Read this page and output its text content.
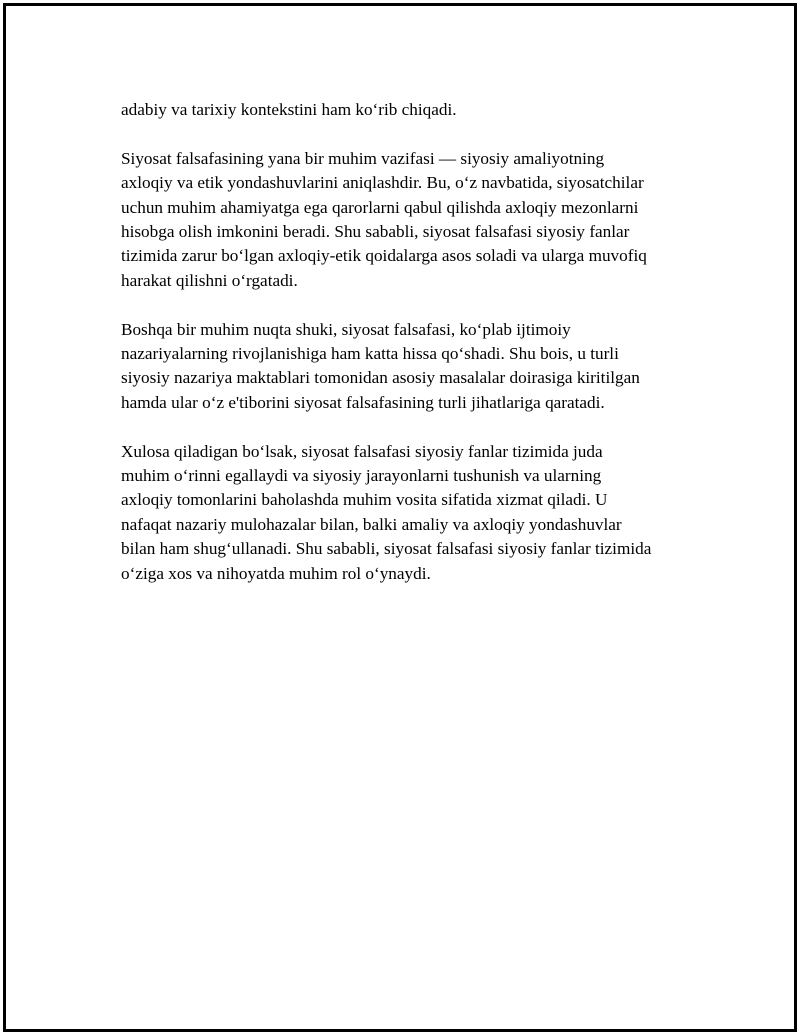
adabiy va tarixiy kontekstini ham ko‘rib chiqadi.

Siyosat falsafasining yana bir muhim vazifasi — siyosiy amaliyotning
axloqiy va etik yondashuvlarini aniqlashdir. Bu, o‘z navbatida, siyosatchilar
uchun muhim ahamiyatga ega qarorlarni qabul qilishda axloqiy mezonlarni
hisobga olish imkonini beradi. Shu sababli, siyosat falsafasi siyosiy fanlar
tizimida zarur bo‘lgan axloqiy-etik qoidalarga asos soladi va ularga muvofiq
harakat qilishni o‘rgatadi.

Boshqa bir muhim nuqta shuki, siyosat falsafasi, ko‘plab ijtimoiy
nazariyalarning rivojlanishiga ham katta hissa qo‘shadi. Shu bois, u turli
siyosiy nazariya maktablari tomonidan asosiy masalalar doirasiga kiritilgan
hamda ular o‘z e'tiborini siyosat falsafasining turli jihatlariga qaratadi.

Xulosa qiladigan bo‘lsak, siyosat falsafasi siyosiy fanlar tizimida juda
muhim o‘rinni egallaydi va siyosiy jarayonlarni tushunish va ularning
axloqiy tomonlarini baholashda muhim vosita sifatida xizmat qiladi. U
nafaqat nazariy mulohazalar bilan, balki amaliy va axloqiy yondashuvlar
bilan ham shug‘ullanadi. Shu sababli, siyosat falsafasi siyosiy fanlar tizimida
o‘ziga xos va nihoyatda muhim rol o‘ynaydi.
